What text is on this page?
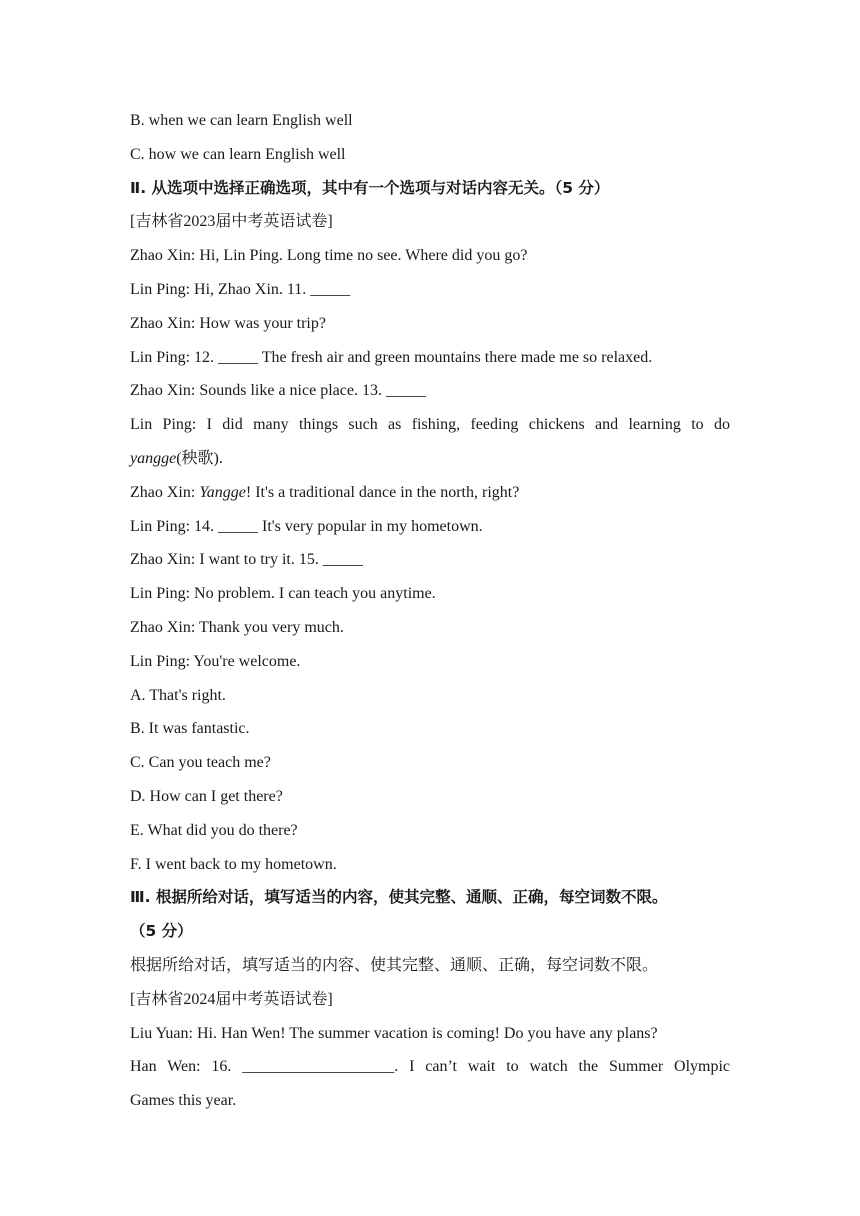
B. when we can learn English well
C. how we can learn English well
Ⅱ. 从选项中选择正确选项，其中有一个选项与对话内容无关。（5 分）
[吉林省2023届中考英语试卷]
Zhao Xin: Hi, Lin Ping. Long time no see. Where did you go?
Lin Ping: Hi, Zhao Xin. 11. _____
Zhao Xin: How was your trip?
Lin Ping: 12. _____ The fresh air and green mountains there made me so relaxed.
Zhao Xin: Sounds like a nice place. 13. _____
Lin Ping: I did many things such as fishing, feeding chickens and learning to do
yangge(秧歌).
Zhao Xin: Yangge! It's a traditional dance in the north, right?
Lin Ping: 14. _____ It's very popular in my hometown.
Zhao Xin: I want to try it. 15. _____
Lin Ping: No problem. I can teach you anytime.
Zhao Xin: Thank you very much.
Lin Ping: You're welcome.
A. That's right.
B. It was fantastic.
C. Can you teach me?
D. How can I get there?
E. What did you do there?
F. I went back to my hometown.
Ⅲ. 根据所给对话，填写适当的内容，使其完整、通顺、正确，每空词数不限。
（5 分）
根据所给对话，填写适当的内容、使其完整、通顺、正确，每空词数不限。
[吉林省2024届中考英语试卷]
Liu Yuan: Hi. Han Wen! The summer vacation is coming! Do you have any plans?
Han Wen: 16. ___________________. I can’t wait to watch the Summer Olympic
Games this year.
